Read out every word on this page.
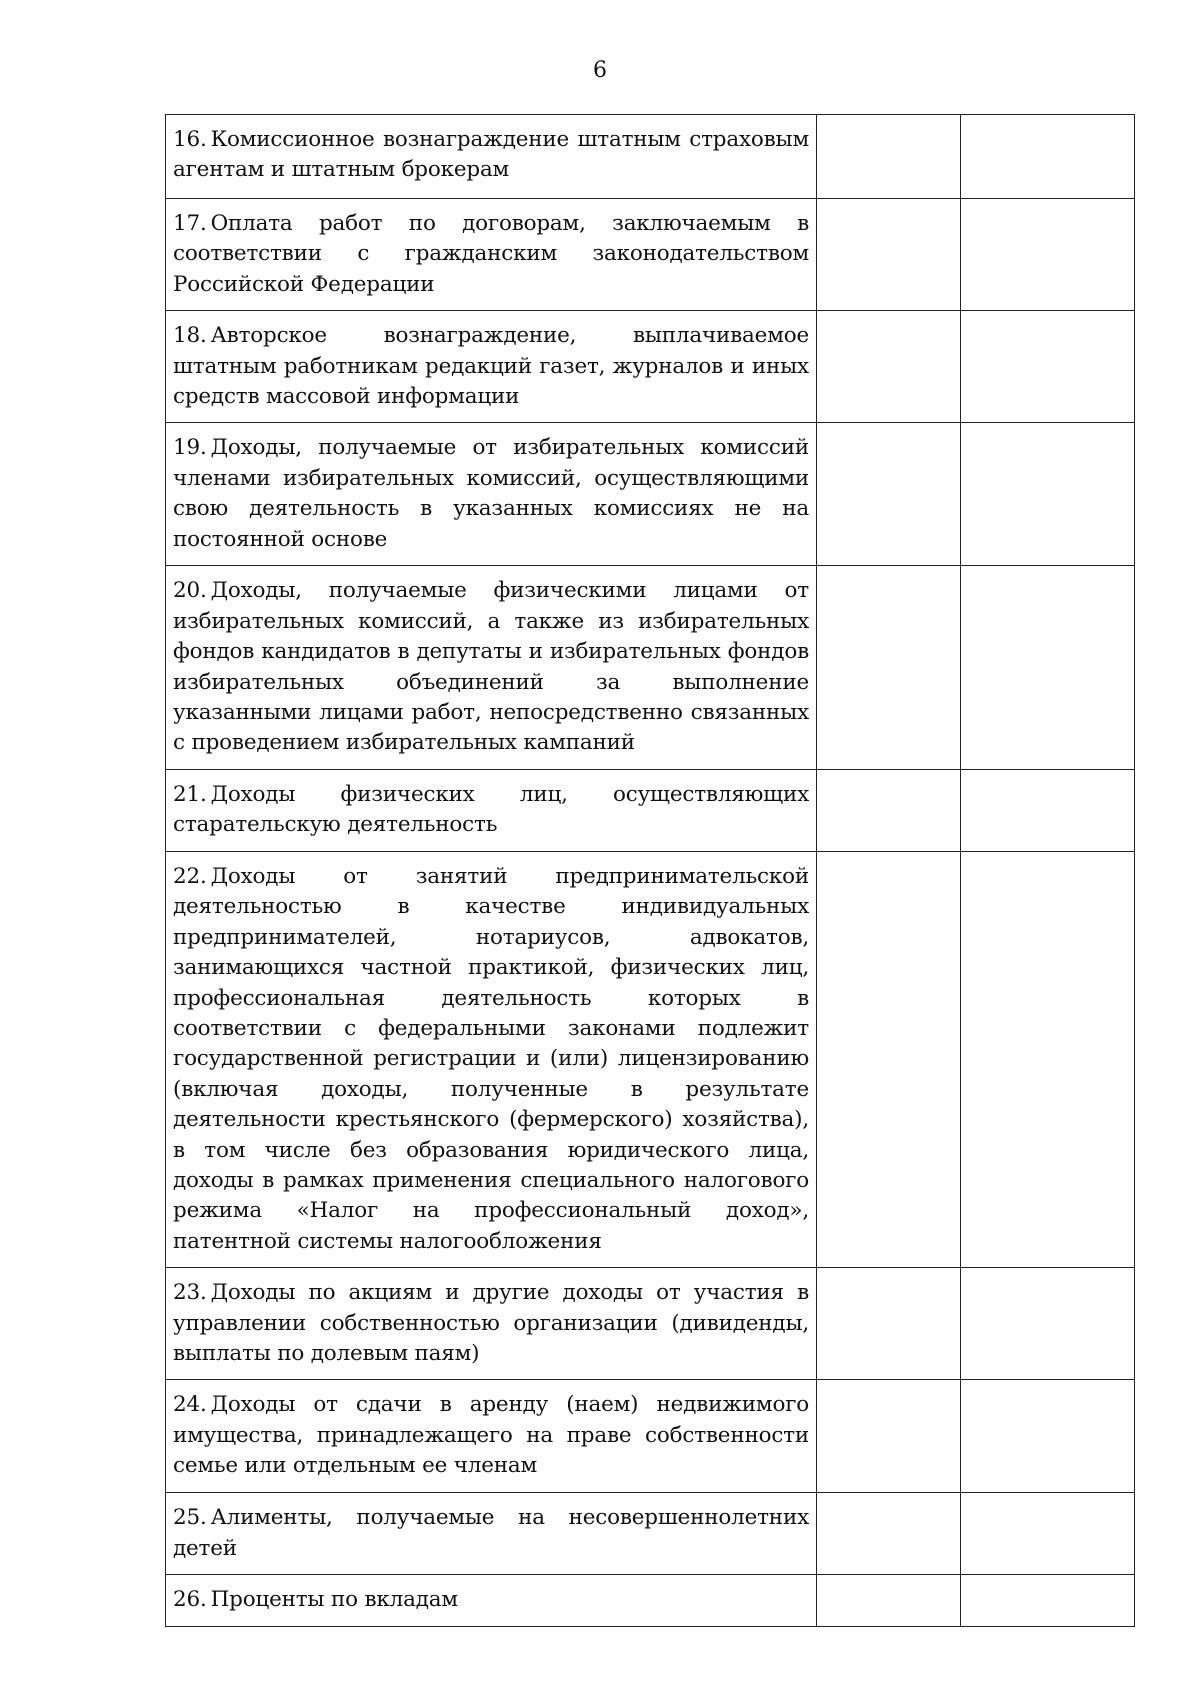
6
16. Комиссионное вознаграждение штатным страховым агентам и штатным брокерам		

17. Оплата работ по договорам, заключаемым в соответствии с гражданским законодательством Российской Федерации		

18. Авторское вознаграждение, выплачиваемое штатным работникам редакций газет, журналов и иных средств массовой информации		

19. Доходы, получаемые от избирательных комиссий членами избирательных комиссий, осуществляющими свою деятельность в указанных комиссиях не на постоянной основе		

20. Доходы, получаемые физическими лицами от избирательных комиссий, а также из избирательных фондов кандидатов в депутаты и избирательных фондов избирательных объединений за выполнение указанными лицами работ, непосредственно связанных с проведением избирательных кампаний		

21. Доходы физических лиц, осуществляющих старательскую деятельность		

22. Доходы от занятий предпринимательской деятельностью в качестве индивидуальных предпринимателей, нотариусов, адвокатов, занимающихся частной практикой, физических лиц, профессиональная деятельность которых в соответствии с федеральными законами подлежит государственной регистрации и (или) лицензированию (включая доходы, полученные в результате деятельности крестьянского (фермерского) хозяйства), в том числе без образования юридического лица, доходы в рамках применения специального налогового режима «Налог на профессиональный доход», патентной системы налогообложения		

23. Доходы по акциям и другие доходы от участия в управлении собственностью организации (дивиденды, выплаты по долевым паям)		

24. Доходы от сдачи в аренду (наем) недвижимого имущества, принадлежащего на праве собственности семье или отдельным ее членам		

25. Алименты, получаемые на несовершеннолетних детей		

26. Проценты по вкладам		
